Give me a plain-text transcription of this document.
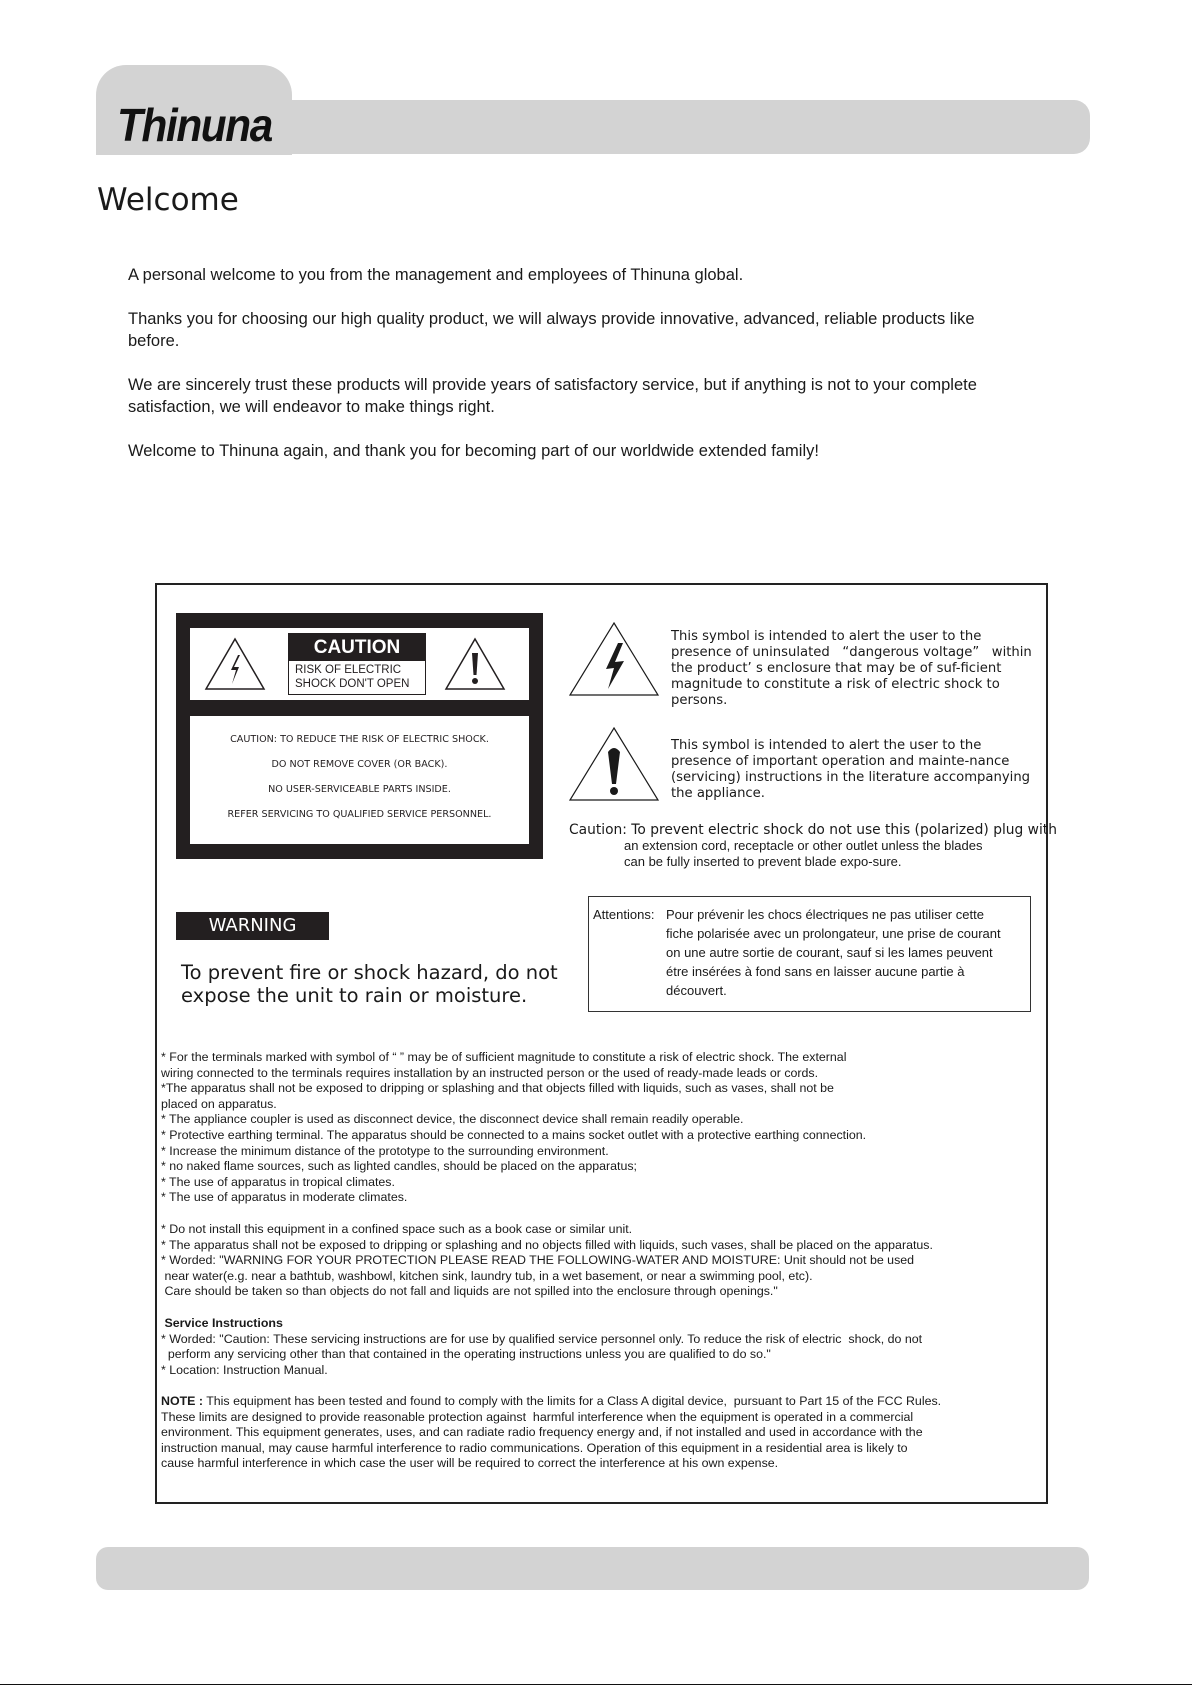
Thinuna
Welcome

A personal welcome to you from the management and employees of Thinuna global.

Thanks you for choosing our high quality product, we will always provide innovative, advanced, reliable products like before.

We are sincerely trust these products will provide years of satisfactory service, but if anything is not to your complete satisfaction, we will endeavor to make things right.

Welcome to Thinuna again, and thank you for becoming part of our worldwide extended family!

CAUTION
RISK OF ELECTRIC
SHOCK DON'T OPEN
CAUTION: TO REDUCE THE RISK OF ELECTRIC SHOCK.
DO NOT REMOVE COVER (OR BACK).
NO USER-SERVICEABLE PARTS INSIDE.
REFER SERVICING TO QUALIFIED SERVICE PERSONNEL.
This symbol is intended to alert the user to the
presence of uninsulated   “dangerous voltage”   within
the product’ s enclosure that may be of suf-ficient
magnitude to constitute a risk of electric shock to
persons.
This symbol is intended to alert the user to the
presence of important operation and mainte-nance
(servicing) instructions in the literature accompanying
the appliance.
Caution: To prevent electric shock do not use this (polarized) plug with
an extension cord, receptacle or other outlet unless the blades
can be fully inserted to prevent blade expo-sure.
Attentions: Pour prévenir les chocs électriques ne pas utiliser cette
fiche polarisée avec un prolongateur, une prise de courant
on une autre sortie de courant, sauf si les lames peuvent
étre insérées à fond sans en laisser aucune partie à
découvert.
WARNING
To prevent fire or shock hazard, do not
expose the unit to rain or moisture.
* For the terminals marked with symbol of “ ” may be of sufficient magnitude to constitute a risk of electric shock. The external
wiring connected to the terminals requires installation by an instructed person or the used of ready-made leads or cords.
*The apparatus shall not be exposed to dripping or splashing and that objects filled with liquids, such as vases, shall not be
placed on apparatus.
* The appliance coupler is used as disconnect device, the disconnect device shall remain readily operable.
* Protective earthing terminal. The apparatus should be connected to a mains socket outlet with a protective earthing connection.
* Increase the minimum distance of the prototype to the surrounding environment.
* no naked flame sources, such as lighted candles, should be placed on the apparatus;
* The use of apparatus in tropical climates.
* The use of apparatus in moderate climates.
* Do not install this equipment in a confined space such as a book case or similar unit.
* The apparatus shall not be exposed to dripping or splashing and no objects filled with liquids, such vases, shall be placed on the apparatus.
* Worded: "WARNING FOR YOUR PROTECTION PLEASE READ THE FOLLOWING-WATER AND MOISTURE: Unit should not be used
near water(e.g. near a bathtub, washbowl, kitchen sink, laundry tub, in a wet basement, or near a swimming pool, etc).
Care should be taken so than objects do not fall and liquids are not spilled into the enclosure through openings."
Service Instructions
* Worded: "Caution: These servicing instructions are for use by qualified service personnel only. To reduce the risk of electric  shock, do not
perform any servicing other than that contained in the operating instructions unless you are qualified to do so."
* Location: Instruction Manual.
NOTE : This equipment has been tested and found to comply with the limits for a Class A digital device,  pursuant to Part 15 of the FCC Rules.
These limits are designed to provide reasonable protection against  harmful interference when the equipment is operated in a commercial
environment. This equipment generates, uses, and can radiate radio frequency energy and, if not installed and used in accordance with the
instruction manual, may cause harmful interference to radio communications. Operation of this equipment in a residential area is likely to
cause harmful interference in which case the user will be required to correct the interference at his own expense.
